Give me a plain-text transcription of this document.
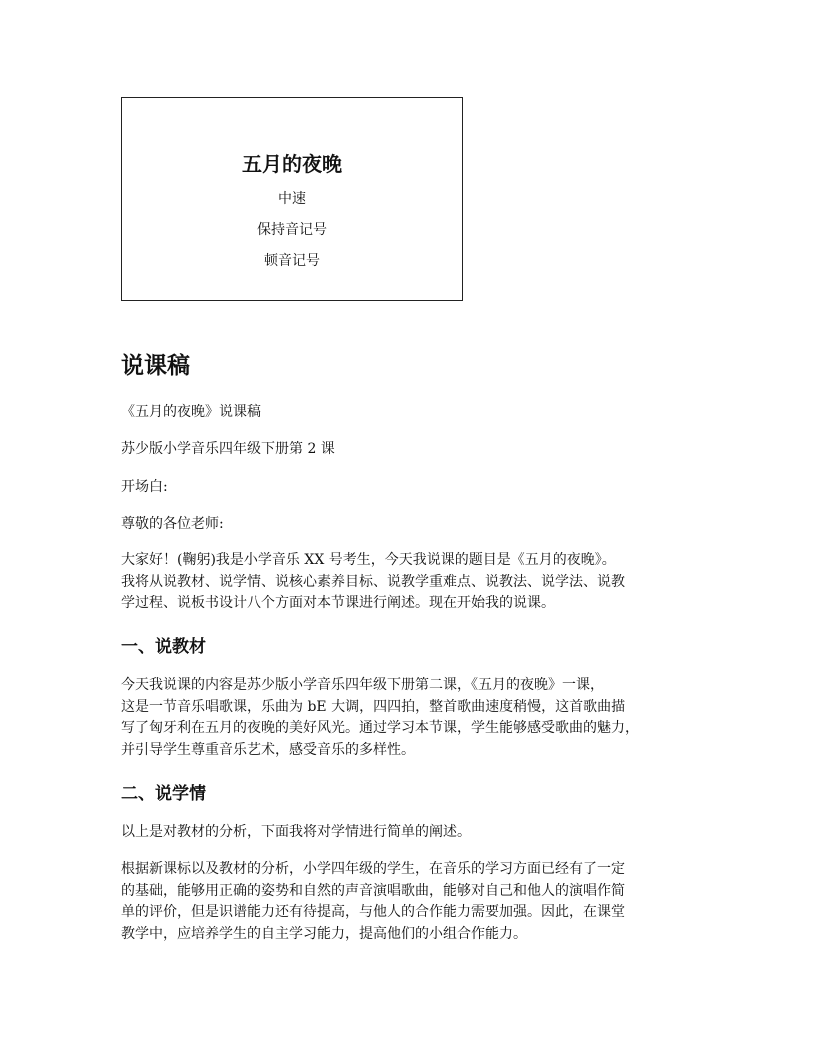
五月的夜晚
中速
保持音记号
顿音记号
说课稿
《五月的夜晚》说课稿
苏少版小学音乐四年级下册第 2 课
开场白:
尊敬的各位老师:
大家好！(鞠躬)我是小学音乐 XX 号考生，今天我说课的题目是《五月的夜晚》。
我将从说教材、说学情、说核心素养目标、说教学重难点、说教法、说学法、说教
学过程、说板书设计八个方面对本节课进行阐述。现在开始我的说课。
一、说教材
今天我说课的内容是苏少版小学音乐四年级下册第二课，《五月的夜晚》一课，
这是一节音乐唱歌课，乐曲为 bE 大调，四四拍，整首歌曲速度稍慢，这首歌曲描
写了匈牙利在五月的夜晚的美好风光。通过学习本节课，学生能够感受歌曲的魅力，
并引导学生尊重音乐艺术，感受音乐的多样性。
二、说学情
以上是对教材的分析，下面我将对学情进行简单的阐述。
根据新课标以及教材的分析，小学四年级的学生，在音乐的学习方面已经有了一定
的基础，能够用正确的姿势和自然的声音演唱歌曲，能够对自己和他人的演唱作简
单的评价，但是识谱能力还有待提高，与他人的合作能力需要加强。因此，在课堂
教学中，应培养学生的自主学习能力，提高他们的小组合作能力。
